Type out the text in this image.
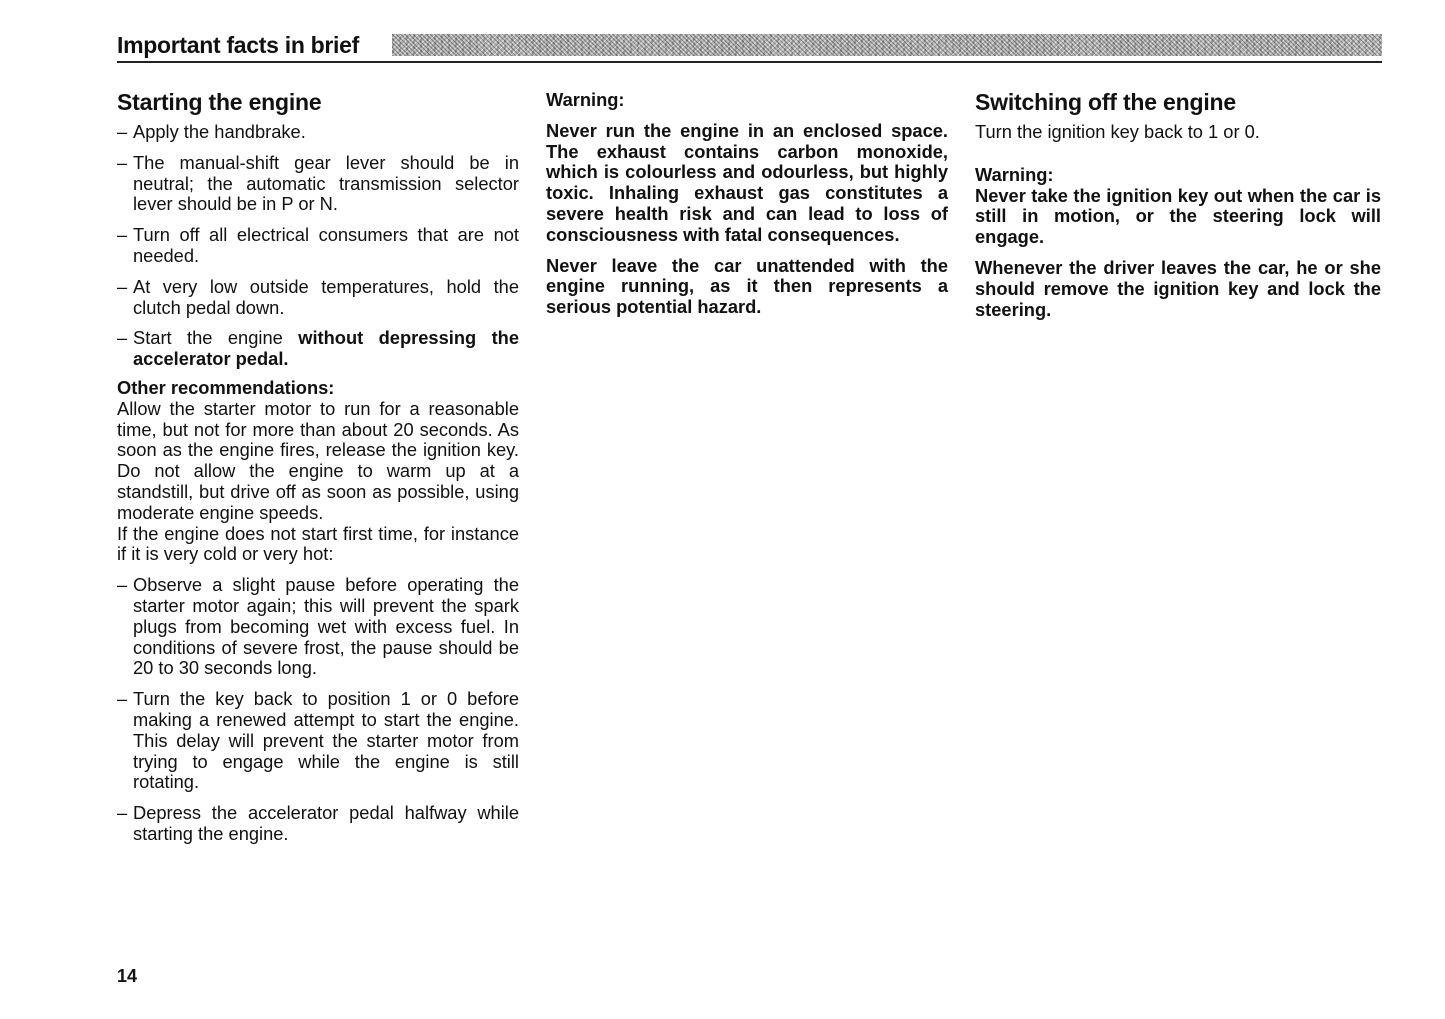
Important facts in brief
Starting the engine
– Apply the handbrake.
– The manual-shift gear lever should be in neutral; the automatic transmission selector lever should be in P or N.
– Turn off all electrical consumers that are not needed.
– At very low outside temperatures, hold the clutch pedal down.
– Start the engine without depressing the accelerator pedal.
Other recommendations:

Allow the starter motor to run for a reasonable time, but not for more than about 20 seconds. As soon as the engine fires, release the ignition key. Do not allow the engine to warm up at a standstill, but drive off as soon as possible, using moderate engine speeds.

If the engine does not start first time, for instance if it is very cold or very hot:

– Observe a slight pause before operating the starter motor again; this will prevent the spark plugs from becoming wet with excess fuel. In conditions of severe frost, the pause should be 20 to 30 seconds long.
– Turn the key back to position 1 or 0 before making a renewed attempt to start the engine. This delay will prevent the starter motor from trying to engage while the engine is still rotating.
– Depress the accelerator pedal halfway while starting the engine.
Warning:

Never run the engine in an enclosed space. The exhaust contains carbon monoxide, which is colourless and odourless, but highly toxic. Inhaling exhaust gas constitutes a severe health risk and can lead to loss of consciousness with fatal consequences.

Never leave the car unattended with the engine running, as it then represents a serious potential hazard.

Switching off the engine

Turn the ignition key back to 1 or 0.

Warning:

Never take the ignition key out when the car is still in motion, or the steering lock will engage.

Whenever the driver leaves the car, he or she should remove the ignition key and lock the steering.

14
